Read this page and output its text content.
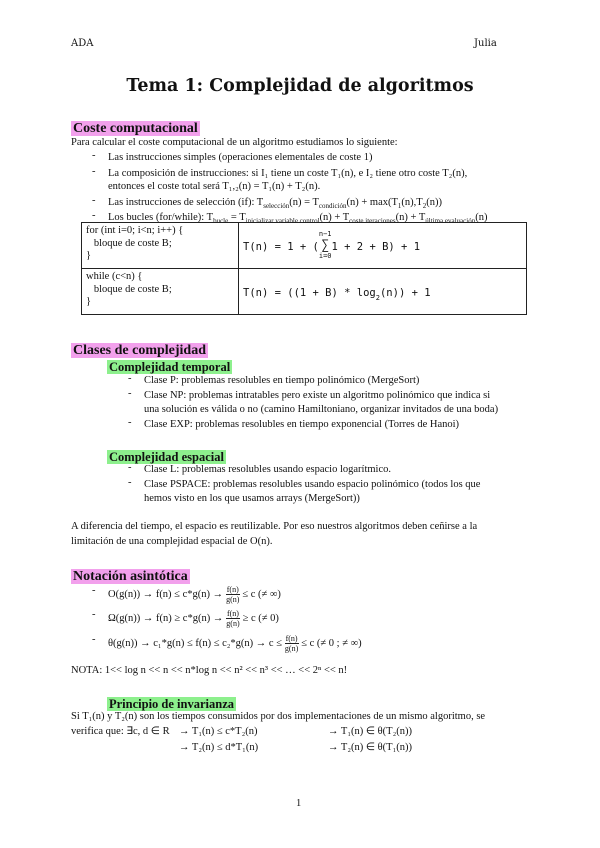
ADA	Julia
Tema 1: Complejidad de algoritmos
Coste computacional
Para calcular el coste computacional de un algoritmo estudiamos lo siguiente:
- Las instrucciones simples (operaciones elementales de coste 1)
- La composición de instrucciones: si I₁ tiene un coste T₁(n), e I₂ tiene otro coste T₂(n),
entonces el coste total será T₁,₂(n) = T₁(n) + T₂(n).
- Las instrucciones de selección (if): $T_{selección}(n) = T_{condición}(n) + \max(T_1(n),T_2(n))$
- Los bucles (for/while): $T_{bucle} = T_{inicializar variable control}(n) + T_{coste iteraciones}(n) + T_{última evaluación}(n)$
for (int i=0; i<n; i++) {
bloque de coste B;
}	T(n) = 1 + (
n−1
∑
i=0
1 + 2 + B) + 1

while (c<n) {
bloque de coste B;
}	$T(n) = ((1 + B) * \log_2(n)) + 1$
Clases de complejidad
Complejidad temporal
- Clase P: problemas resolubles en tiempo polinómico (MergeSort)
- Clase NP: problemas intratables pero existe un algoritmo polinómico que indica si
una solución es válida o no (camino Hamiltoniano, organizar invitados de una boda)
- Clase EXP: problemas resolubles en tiempo exponencial (Torres de Hanoi)
Complejidad espacial
- Clase L: problemas resolubles usando espacio logarítmico.
- Clase PSPACE: problemas resolubles usando espacio polinómico (todos los que
hemos visto en los que usamos arrays (MergeSort))
A diferencia del tiempo, el espacio es reutilizable. Por eso nuestros algoritmos deben ceñirse a la
limitación de una complejidad espacial de O(n).
Notación asintótica
- $O(g(n)) \to f(n) \le c*g(n) \to \frac{f(n)}{g(n)} \le c$ (≠ ∞)
- $\Omega(g(n)) \to f(n) \ge c*g(n) \to \frac{f(n)}{g(n)} \ge c$ (≠ 0)
- $\theta(g(n)) \to c_1*g(n) \le f(n) \le c_2*g(n) \to c \le \frac{f(n)}{g(n)} \le c$ (≠ 0 ; ≠ ∞)
NOTA: 1<< log n << n << n*log n << n² << n³ << … << 2ⁿ << n!
Principio de invarianza
Si T₁(n) y T₂(n) son los tiempos consumidos por dos implementaciones de un mismo algoritmo, se
verifica que: ∃c, d ∈ R → T₁(n) ≤ c*T₂(n)	→ T₁(n) ∈ θ(T₂(n))
→ T₂(n) ≤ d*T₁(n)	→ T₂(n) ∈ θ(T₁(n))
1
